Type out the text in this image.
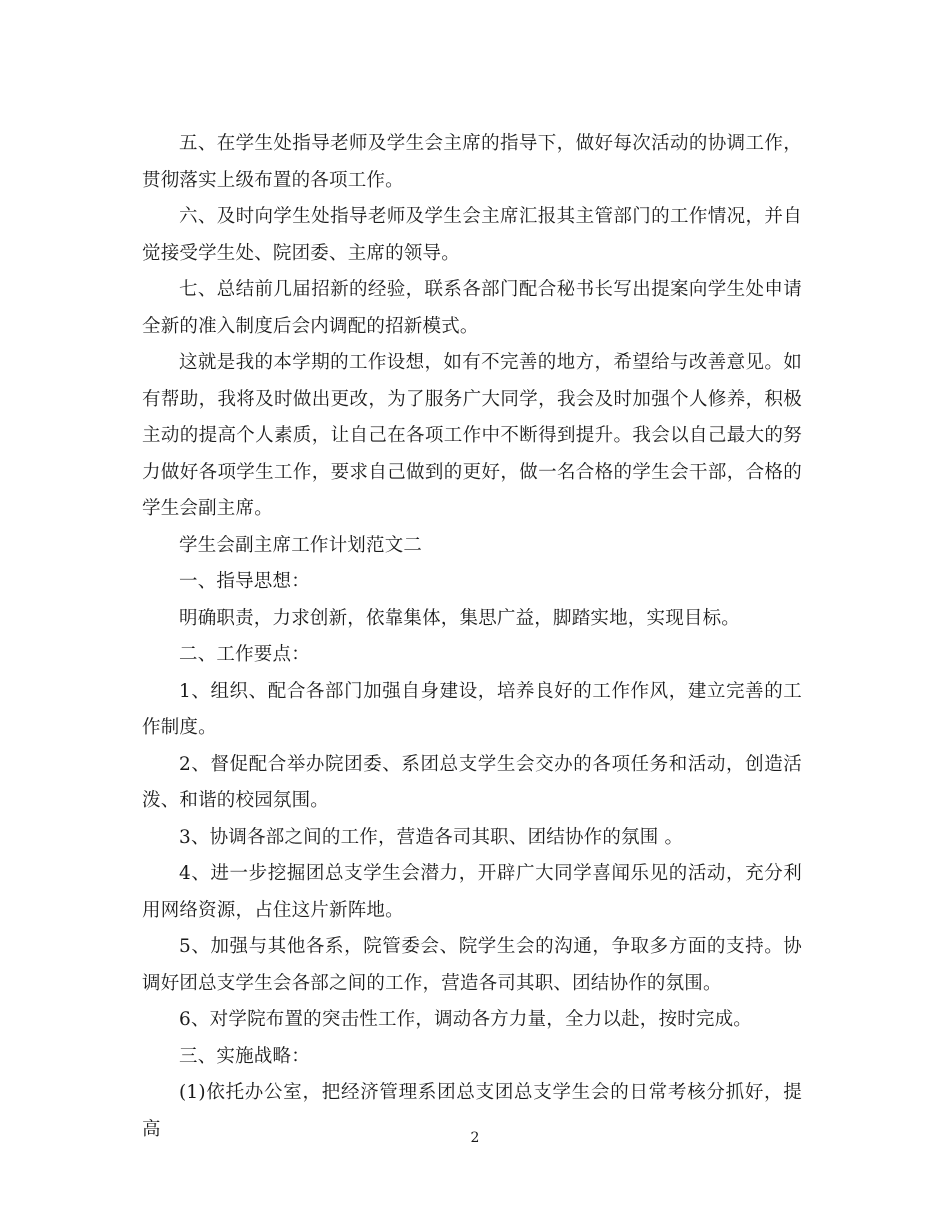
五、在学生处指导老师及学生会主席的指导下，做好每次活动的协调工作，贯彻落实上级布置的各项工作。

六、及时向学生处指导老师及学生会主席汇报其主管部门的工作情况，并自觉接受学生处、院团委、主席的领导。

七、总结前几届招新的经验，联系各部门配合秘书长写出提案向学生处申请全新的准入制度后会内调配的招新模式。

这就是我的本学期的工作设想，如有不完善的地方，希望给与改善意见。如有帮助，我将及时做出更改，为了服务广大同学，我会及时加强个人修养，积极主动的提高个人素质，让自己在各项工作中不断得到提升。我会以自己最大的努力做好各项学生工作，要求自己做到的更好，做一名合格的学生会干部，合格的学生会副主席。

学生会副主席工作计划范文二

一、指导思想：

明确职责，力求创新，依靠集体，集思广益，脚踏实地，实现目标。

二、工作要点：

1、组织、配合各部门加强自身建设，培养良好的工作作风，建立完善的工作制度。

2、督促配合举办院团委、系团总支学生会交办的各项任务和活动，创造活泼、和谐的校园氛围。

3、协调各部之间的工作，营造各司其职、团结协作的氛围 。

4、进一步挖掘团总支学生会潜力，开辟广大同学喜闻乐见的活动，充分利用网络资源，占住这片新阵地。

5、加强与其他各系，院管委会、院学生会的沟通，争取多方面的支持。协调好团总支学生会各部之间的工作，营造各司其职、团结协作的氛围。

6、对学院布置的突击性工作，调动各方力量，全力以赴，按时完成。

三、实施战略：

(1)依托办公室，把经济管理系团总支团总支学生会的日常考核分抓好，提高	2
